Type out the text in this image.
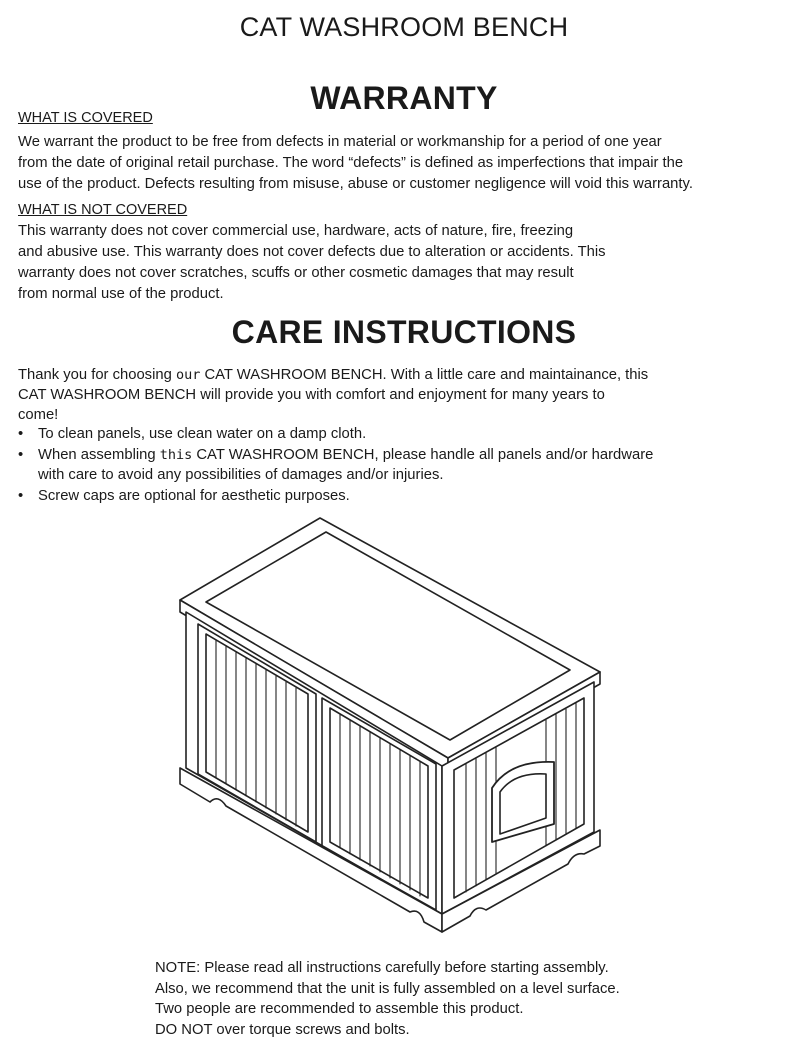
CAT WASHROOM BENCH
WARRANTY
WHAT IS COVERED

We warrant the product to be free from defects in material or workmanship for a period of one year
from the date of original retail purchase. The word “defects” is defined as imperfections that impair the
use of the product. Defects resulting from misuse, abuse or customer negligence will void this warranty.

WHAT IS NOT COVERED

This warranty does not cover commercial use, hardware, acts of nature, fire, freezing
and abusive use. This warranty does not cover defects due to alteration or accidents. This
warranty does not cover scratches, scuffs or other cosmetic damages that may result
from normal use of the product.

CARE INSTRUCTIONS

Thank you for choosing our CAT WASHROOM BENCH. With a little care and maintainance, this
CAT WASHROOM BENCH will provide you with comfort and enjoyment for many years to
come!

• To clean panels, use clean water on a damp cloth.
• When assembling this CAT WASHROOM BENCH, please handle all panels and/or hardware
with care to avoid any possibilities of damages and/or injuries.
• Screw caps are optional for aesthetic purposes.

NOTE: Please read all instructions carefully before starting assembly.
Also, we recommend that the unit is fully assembled on a level surface.
Two people are recommended to assemble this product.
DO NOT over torque screws and bolts.
